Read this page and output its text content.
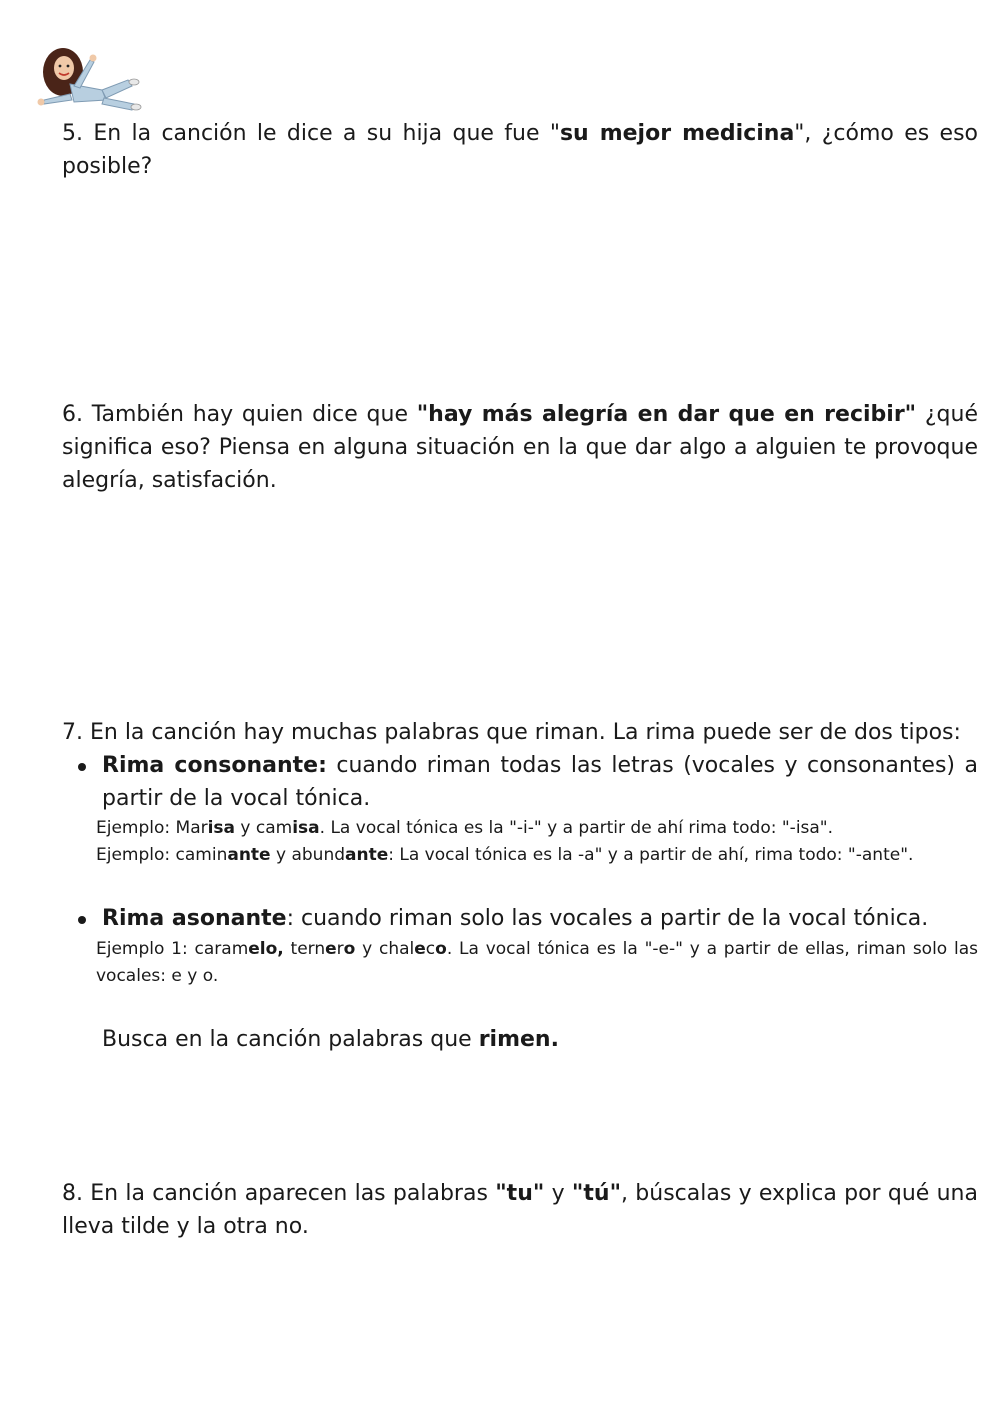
5. En la canción le dice a su hija que fue "su mejor medicina", ¿cómo es eso posible?

6. También hay quien dice que "hay más alegría en dar que en recibir" ¿qué significa eso? Piensa en alguna situación en la que dar algo a alguien te provoque alegría, satisfación.

7. En la canción hay muchas palabras que riman. La rima puede ser de dos tipos:

Rima consonante: cuando riman todas las letras (vocales y consonantes) a partir de la vocal tónica.

Ejemplo: Marisa y camisa. La vocal tónica es la "-i-" y a partir de ahí rima todo: "-isa".

Ejemplo: caminante y abundante: La vocal tónica es la -a" y a partir de ahí, rima todo: "-ante".

Rima asonante: cuando riman solo las vocales a partir de la vocal tónica.

Ejemplo 1: caramelo, ternero y chaleco. La vocal tónica es la "-e-" y a partir de ellas, riman solo las vocales: e y o.

Busca en la canción palabras que rimen.

8. En la canción aparecen las palabras "tu" y "tú", búscalas y explica por qué una lleva tilde y la otra no.
